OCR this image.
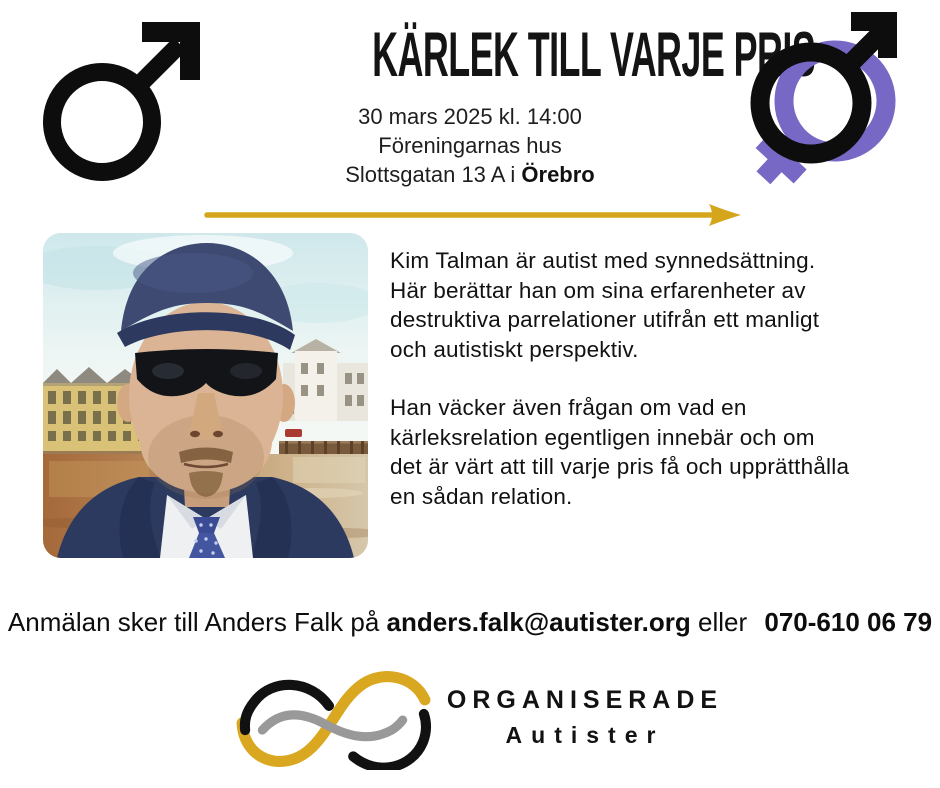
KÄRLEK TILL VARJE PRIS
30 mars 2025 kl. 14:00
Föreningarnas hus
Slottsgatan 13 A i Örebro
Kim Talman är autist med synnedsättning.
Här berättar han om sina erfarenheter av
destruktiva parrelationer utifrån ett manligt
och autistiskt perspektiv.
Han väcker även frågan om vad en
kärleksrelation egentligen innebär och om
det är värt att till varje pris få och upprätthålla
en sådan relation.
Anmälan sker till Anders Falk på anders.falk@autister.org eller 070-610 06 79
ORGANISERADE
Autister
